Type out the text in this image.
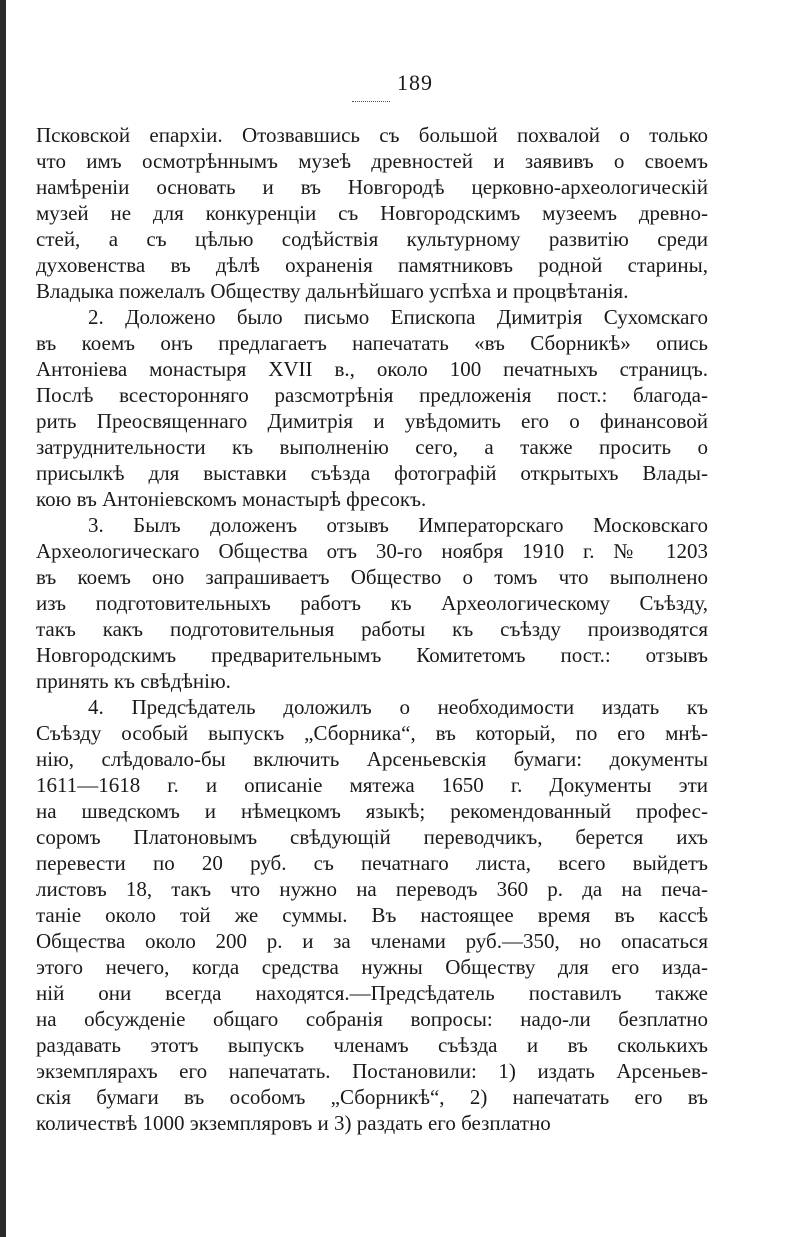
189
Псковской епархіи. Отозвавшись съ большой похвалой о только
что имъ осмотрѣннымъ музеѣ древностей и заявивъ о своемъ
намѣреніи основать и въ Новгородѣ церковно-археологическій
музей не для конкуренціи съ Новгородскимъ музеемъ древно-
стей, а съ цѣлью содѣйствія культурному развитію среди
духовенства въ дѣлѣ охраненія памятниковъ родной старины,
Владыка пожелалъ Обществу дальнѣйшаго успѣха и процвѣтанія.
2. Доложено было письмо Епископа Димитрія Сухомскаго
въ коемъ онъ предлагаетъ напечатать «въ Сборникѣ» опись
Антоніева монастыря XVII в., около 100 печатныхъ страницъ.
Послѣ всесторонняго разсмотрѣнія предложенія пост.: благода-
рить Преосвященнаго Димитрія и увѣдомить его о финансовой
затруднительности къ выполненію сего, а также просить о
присылкѣ для выставки съѣзда фотографій открытыхъ Влады-
кою въ Антоніевскомъ монастырѣ фресокъ.
3. Былъ доложенъ отзывъ Императорскаго Московскаго
Археологическаго Общества отъ 30-го ноября 1910 г. № 1203
въ коемъ оно запрашиваетъ Общество о томъ что выполнено
изъ подготовительныхъ работъ къ Археологическому Съѣзду,
такъ какъ подготовительныя работы къ съѣзду производятся
Новгородскимъ предварительнымъ Комитетомъ пост.: отзывъ
принять къ свѣдѣнію.
4. Предсѣдатель доложилъ о необходимости издать къ
Съѣзду особый выпускъ „Сборника“, въ который, по его мнѣ-
нію, слѣдовало-бы включить Арсеньевскія бумаги: документы
1611—1618 г. и описаніе мятежа 1650 г. Документы эти
на шведскомъ и нѣмецкомъ языкѣ; рекомендованный профес-
соромъ Платоновымъ свѣдующій переводчикъ, берется ихъ
перевести по 20 руб. съ печатнаго листа, всего выйдетъ
листовъ 18, такъ что нужно на переводъ 360 р. да на печа-
таніе около той же суммы. Въ настоящее время въ кассѣ
Общества около 200 р. и за членами руб.—350, но опасаться
этого нечего, когда средства нужны Обществу для его изда-
ній они всегда находятся.—Предсѣдатель поставилъ также
на обсужденіе общаго собранія вопросы: надо-ли безплатно
раздавать этотъ выпускъ членамъ съѣзда и въ сколькихъ
экземплярахъ его напечатать. Постановили: 1) издать Арсеньев-
скія бумаги въ особомъ „Сборникѣ“, 2) напечатать его въ
количествѣ 1000 экземпляровъ и 3) раздать его безплатно
